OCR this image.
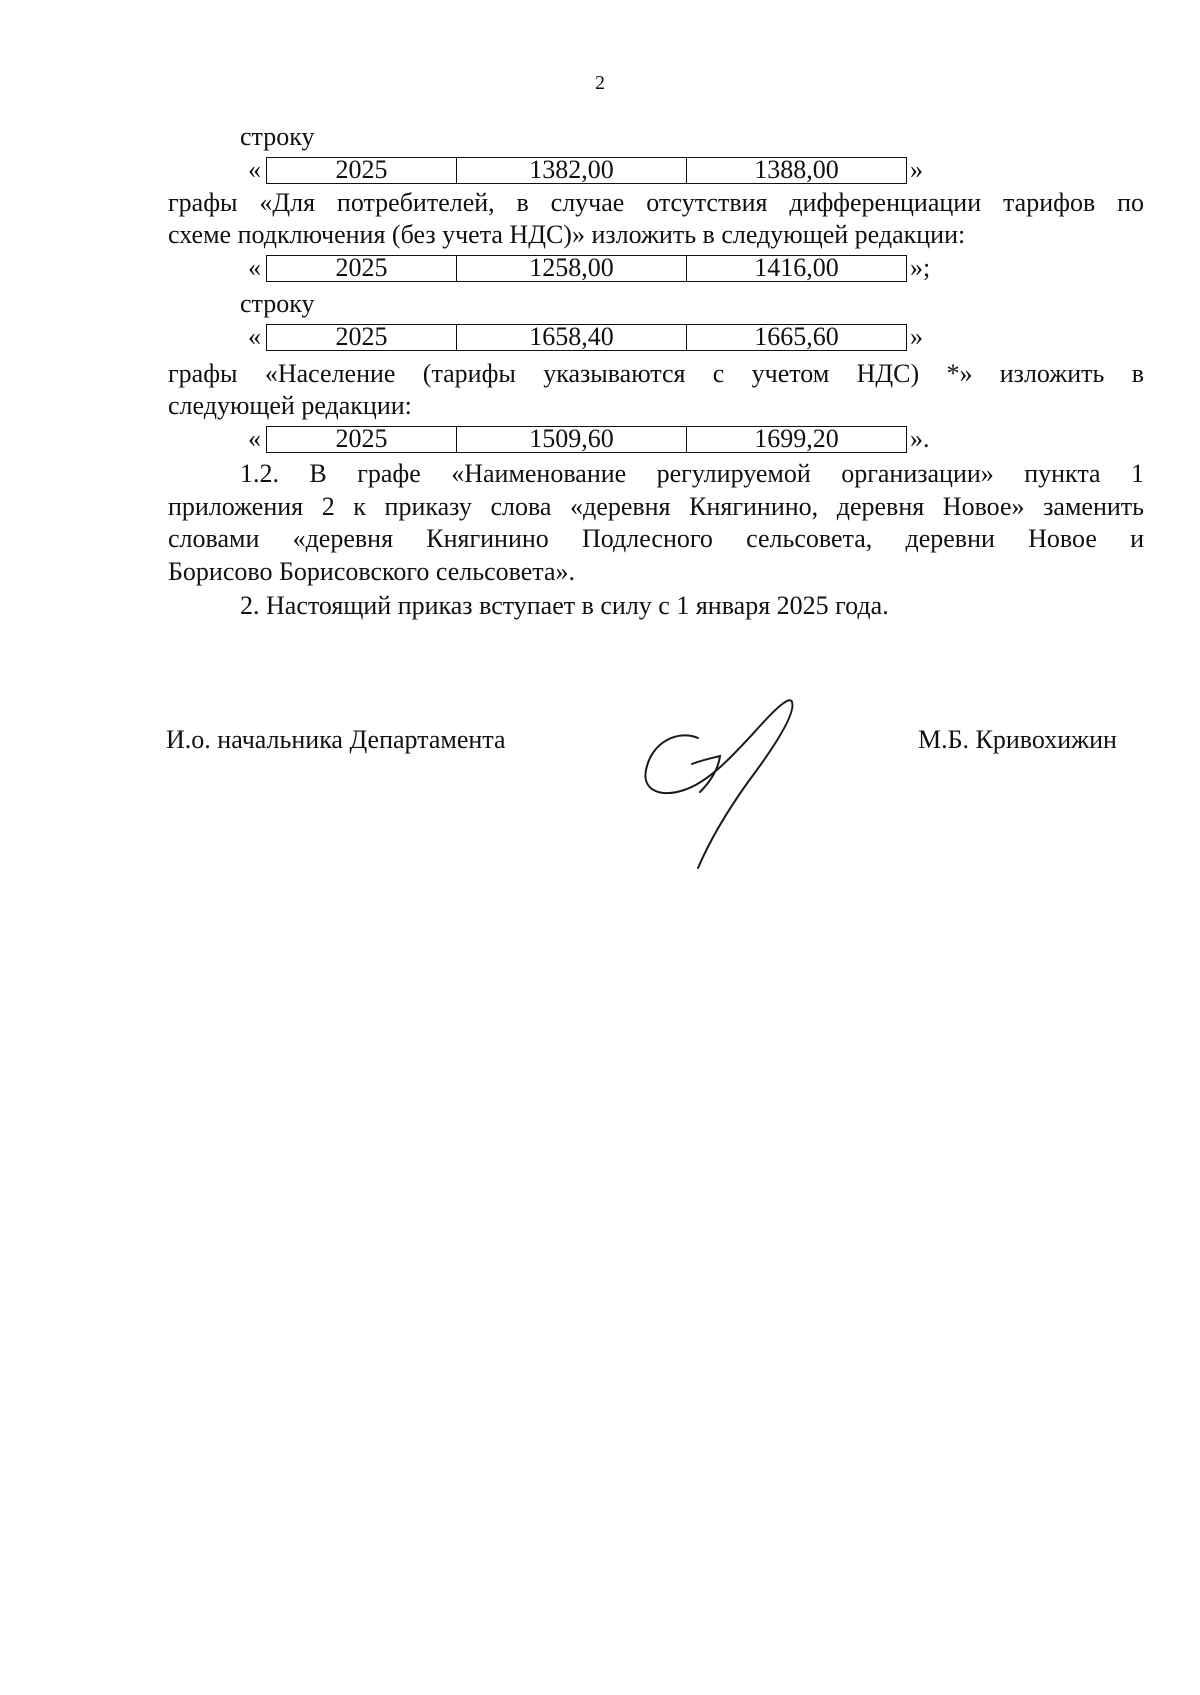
2
строку
«	2025	1382,00	1388,00	»
графы «Для потребителей, в случае отсутствия дифференциации тарифов по
схеме подключения (без учета НДС)» изложить в следующей редакции:
«	2025	1258,00	1416,00	»;
строку
«	2025	1658,40	1665,60	»
графы «Население (тарифы указываются с учетом НДС) *» изложить в
следующей редакции:
«	2025	1509,60	1699,20	».
1.2. В графе «Наименование регулируемой организации» пункта 1
приложения 2 к приказу слова «деревня Княгинино, деревня Новое» заменить
словами «деревня Княгинино Подлесного сельсовета, деревни Новое и
Борисово Борисовского сельсовета».
2. Настоящий приказ вступает в силу с 1 января 2025 года.
И.о. начальника Департамента	М.Б. Кривохижин
